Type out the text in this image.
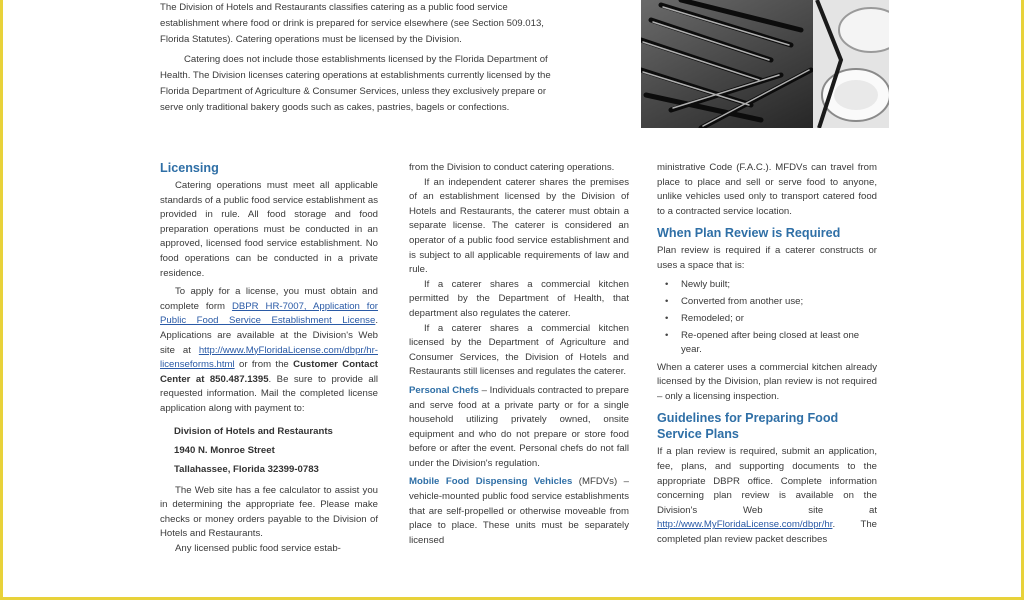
The Division of Hotels and Restaurants classifies catering as a public food service establishment where food or drink is prepared for service elsewhere (see Section 509.013, Florida Statutes). Catering operations must be licensed by the Division.

Catering does not include those establishments licensed by the Florida Department of Health. The Division licenses catering operations at establishments currently licensed by the Florida Department of Agriculture & Consumer Services, unless they exclusively prepare or serve only traditional bakery goods such as cakes, pastries, bagels or confections.

Licensing

Catering operations must meet all applicable standards of a public food service establishment as provided in rule. All food storage and food preparation operations must be conducted in an approved, licensed food service establishment. No food operations can be conducted in a private residence.

To apply for a license, you must obtain and complete form DBPR HR-7007, Application for Public Food Service Establishment License. Applications are available at the Division's Web site at http://www.MyFloridaLicense.com/dbpr/hr-licenseforms.html or from the Customer Contact Center at 850.487.1395. Be sure to provide all requested information. Mail the completed license application along with payment to:

Division of Hotels and Restaurants
1940 N. Monroe Street
Tallahassee, Florida 32399-0783

The Web site has a fee calculator to assist you in determining the appropriate fee. Please make checks or money orders payable to the Division of Hotels and Restaurants.

Any licensed public food service estab-

from the Division to conduct catering operations.

If an independent caterer shares the premises of an establishment licensed by the Division of Hotels and Restaurants, the caterer must obtain a separate license. The caterer is considered an operator of a public food service establishment and is subject to all applicable requirements of law and rule.

If a caterer shares a commercial kitchen permitted by the Department of Health, that department also regulates the caterer.

If a caterer shares a commercial kitchen licensed by the Department of Agriculture and Consumer Services, the Division of Hotels and Restaurants still licenses and regulates the caterer.

Personal Chefs – Individuals contracted to prepare and serve food at a private party or for a single household utilizing privately owned, onsite equipment and who do not prepare or store food before or after the event. Personal chefs do not fall under the Division's regulation.

Mobile Food Dispensing Vehicles (MFDVs) – vehicle-mounted public food service establishments that are self-propelled or otherwise moveable from place to place. These units must be separately licensed

ministrative Code (F.A.C.). MFDVs can travel from place to place and sell or serve food to anyone, unlike vehicles used only to transport catered food to a contracted service location.

When Plan Review is Required

Plan review is required if a caterer constructs or uses a space that is:

• Newly built;
• Converted from another use;
• Remodeled; or
• Re-opened after being closed at least one year.

When a caterer uses a commercial kitchen already licensed by the Division, plan review is not required – only a licensing inspection.

Guidelines for Preparing Food Service Plans

If a plan review is required, submit an application, fee, plans, and supporting documents to the appropriate DBPR office. Complete information concerning plan review is available on the Division's Web site at http://www.MyFloridaLicense.com/dbpr/hr. The completed plan review packet describes
